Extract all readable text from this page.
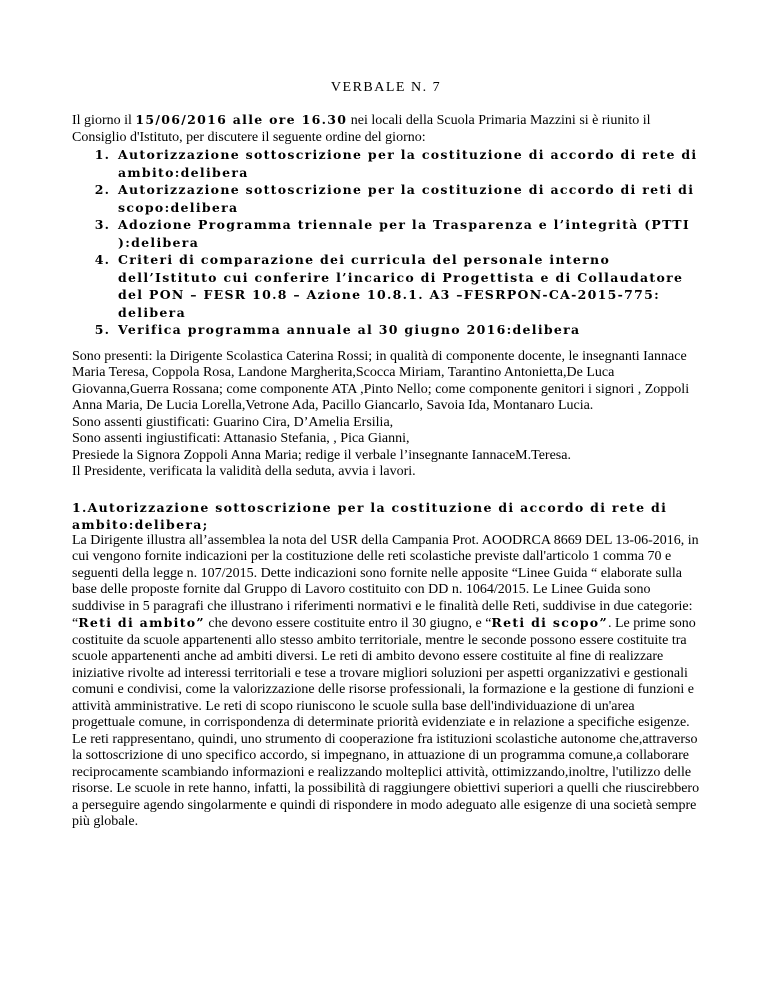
VERBALE N. 7

Il giorno il 15/06/2016 alle ore 16.30 nei locali della Scuola Primaria Mazzini si è riunito il Consiglio d'Istituto, per discutere il seguente ordine del giorno:

1. Autorizzazione sottoscrizione per la costituzione di accordo di rete di ambito:delibera
2. Autorizzazione sottoscrizione per la costituzione di accordo di reti di scopo:delibera
3. Adozione Programma triennale per la Trasparenza e l’integrità (PTTI ):delibera
4. Criteri di comparazione dei curricula del personale interno dell’Istituto cui conferire l’incarico di Progettista e di Collaudatore del PON – FESR 10.8 – Azione 10.8.1. A3 –FESRPON-CA-2015-775: delibera
5. Verifica programma annuale al 30 giugno 2016:delibera

Sono presenti: la Dirigente Scolastica Caterina Rossi; in qualità di componente docente, le insegnanti Iannace Maria Teresa, Coppola Rosa, Landone Margherita,Scocca Miriam, Tarantino Antonietta,De Luca Giovanna,Guerra Rossana; come componente ATA ,Pinto Nello; come componente genitori i signori , Zoppoli Anna Maria, De Lucia Lorella,Vetrone Ada, Pacillo Giancarlo, Savoia Ida, Montanaro Lucia.

Sono assenti giustificati: Guarino Cira, D’Amelia Ersilia,

Sono assenti ingiustificati: Attanasio Stefania, , Pica Gianni,

Presiede la Signora Zoppoli Anna Maria; redige il verbale l’insegnante IannaceM.Teresa.

Il Presidente, verificata la validità della seduta, avvia i lavori.

1.Autorizzazione sottoscrizione per la costituzione di accordo di rete di ambito:delibera;

La Dirigente illustra all’assemblea la nota del USR della Campania Prot. AOODRCA 8669 DEL 13-06-2016, in cui vengono fornite indicazioni per la costituzione delle reti scolastiche previste dall'articolo 1 comma 70 e seguenti della legge n. 107/2015. Dette indicazioni sono fornite nelle apposite “Linee Guida “ elaborate sulla base delle proposte fornite dal Gruppo di Lavoro costituito con DD n. 1064/2015. Le Linee Guida sono suddivise in 5 paragrafi che illustrano i riferimenti normativi e le finalità delle Reti, suddivise in due categorie: “Reti di ambito” che devono essere costituite entro il 30 giugno, e “Reti di scopo”. Le prime sono costituite da scuole appartenenti allo stesso ambito territoriale, mentre le seconde possono essere costituite tra scuole appartenenti anche ad ambiti diversi. Le reti di ambito devono essere costituite al fine di realizzare iniziative rivolte ad interessi territoriali e tese a trovare migliori soluzioni per aspetti organizzativi e gestionali comuni e condivisi, come la valorizzazione delle risorse professionali, la formazione e la gestione di funzioni e attività amministrative. Le reti di scopo riuniscono le scuole sulla base dell'individuazione di un'area progettuale comune, in corrispondenza di determinate priorità evidenziate e in relazione a specifiche esigenze.

Le reti rappresentano, quindi, uno strumento di cooperazione fra istituzioni scolastiche autonome che,attraverso la sottoscrizione di uno specifico accordo, si impegnano, in attuazione di un programma comune,a collaborare reciprocamente scambiando informazioni e realizzando molteplici attività, ottimizzando,inoltre, l'utilizzo delle risorse. Le scuole in rete hanno, infatti, la possibilità di raggiungere obiettivi superiori a quelli che riuscirebbero a perseguire agendo singolarmente e quindi di rispondere in modo adeguato alle esigenze di una società sempre più globale.
